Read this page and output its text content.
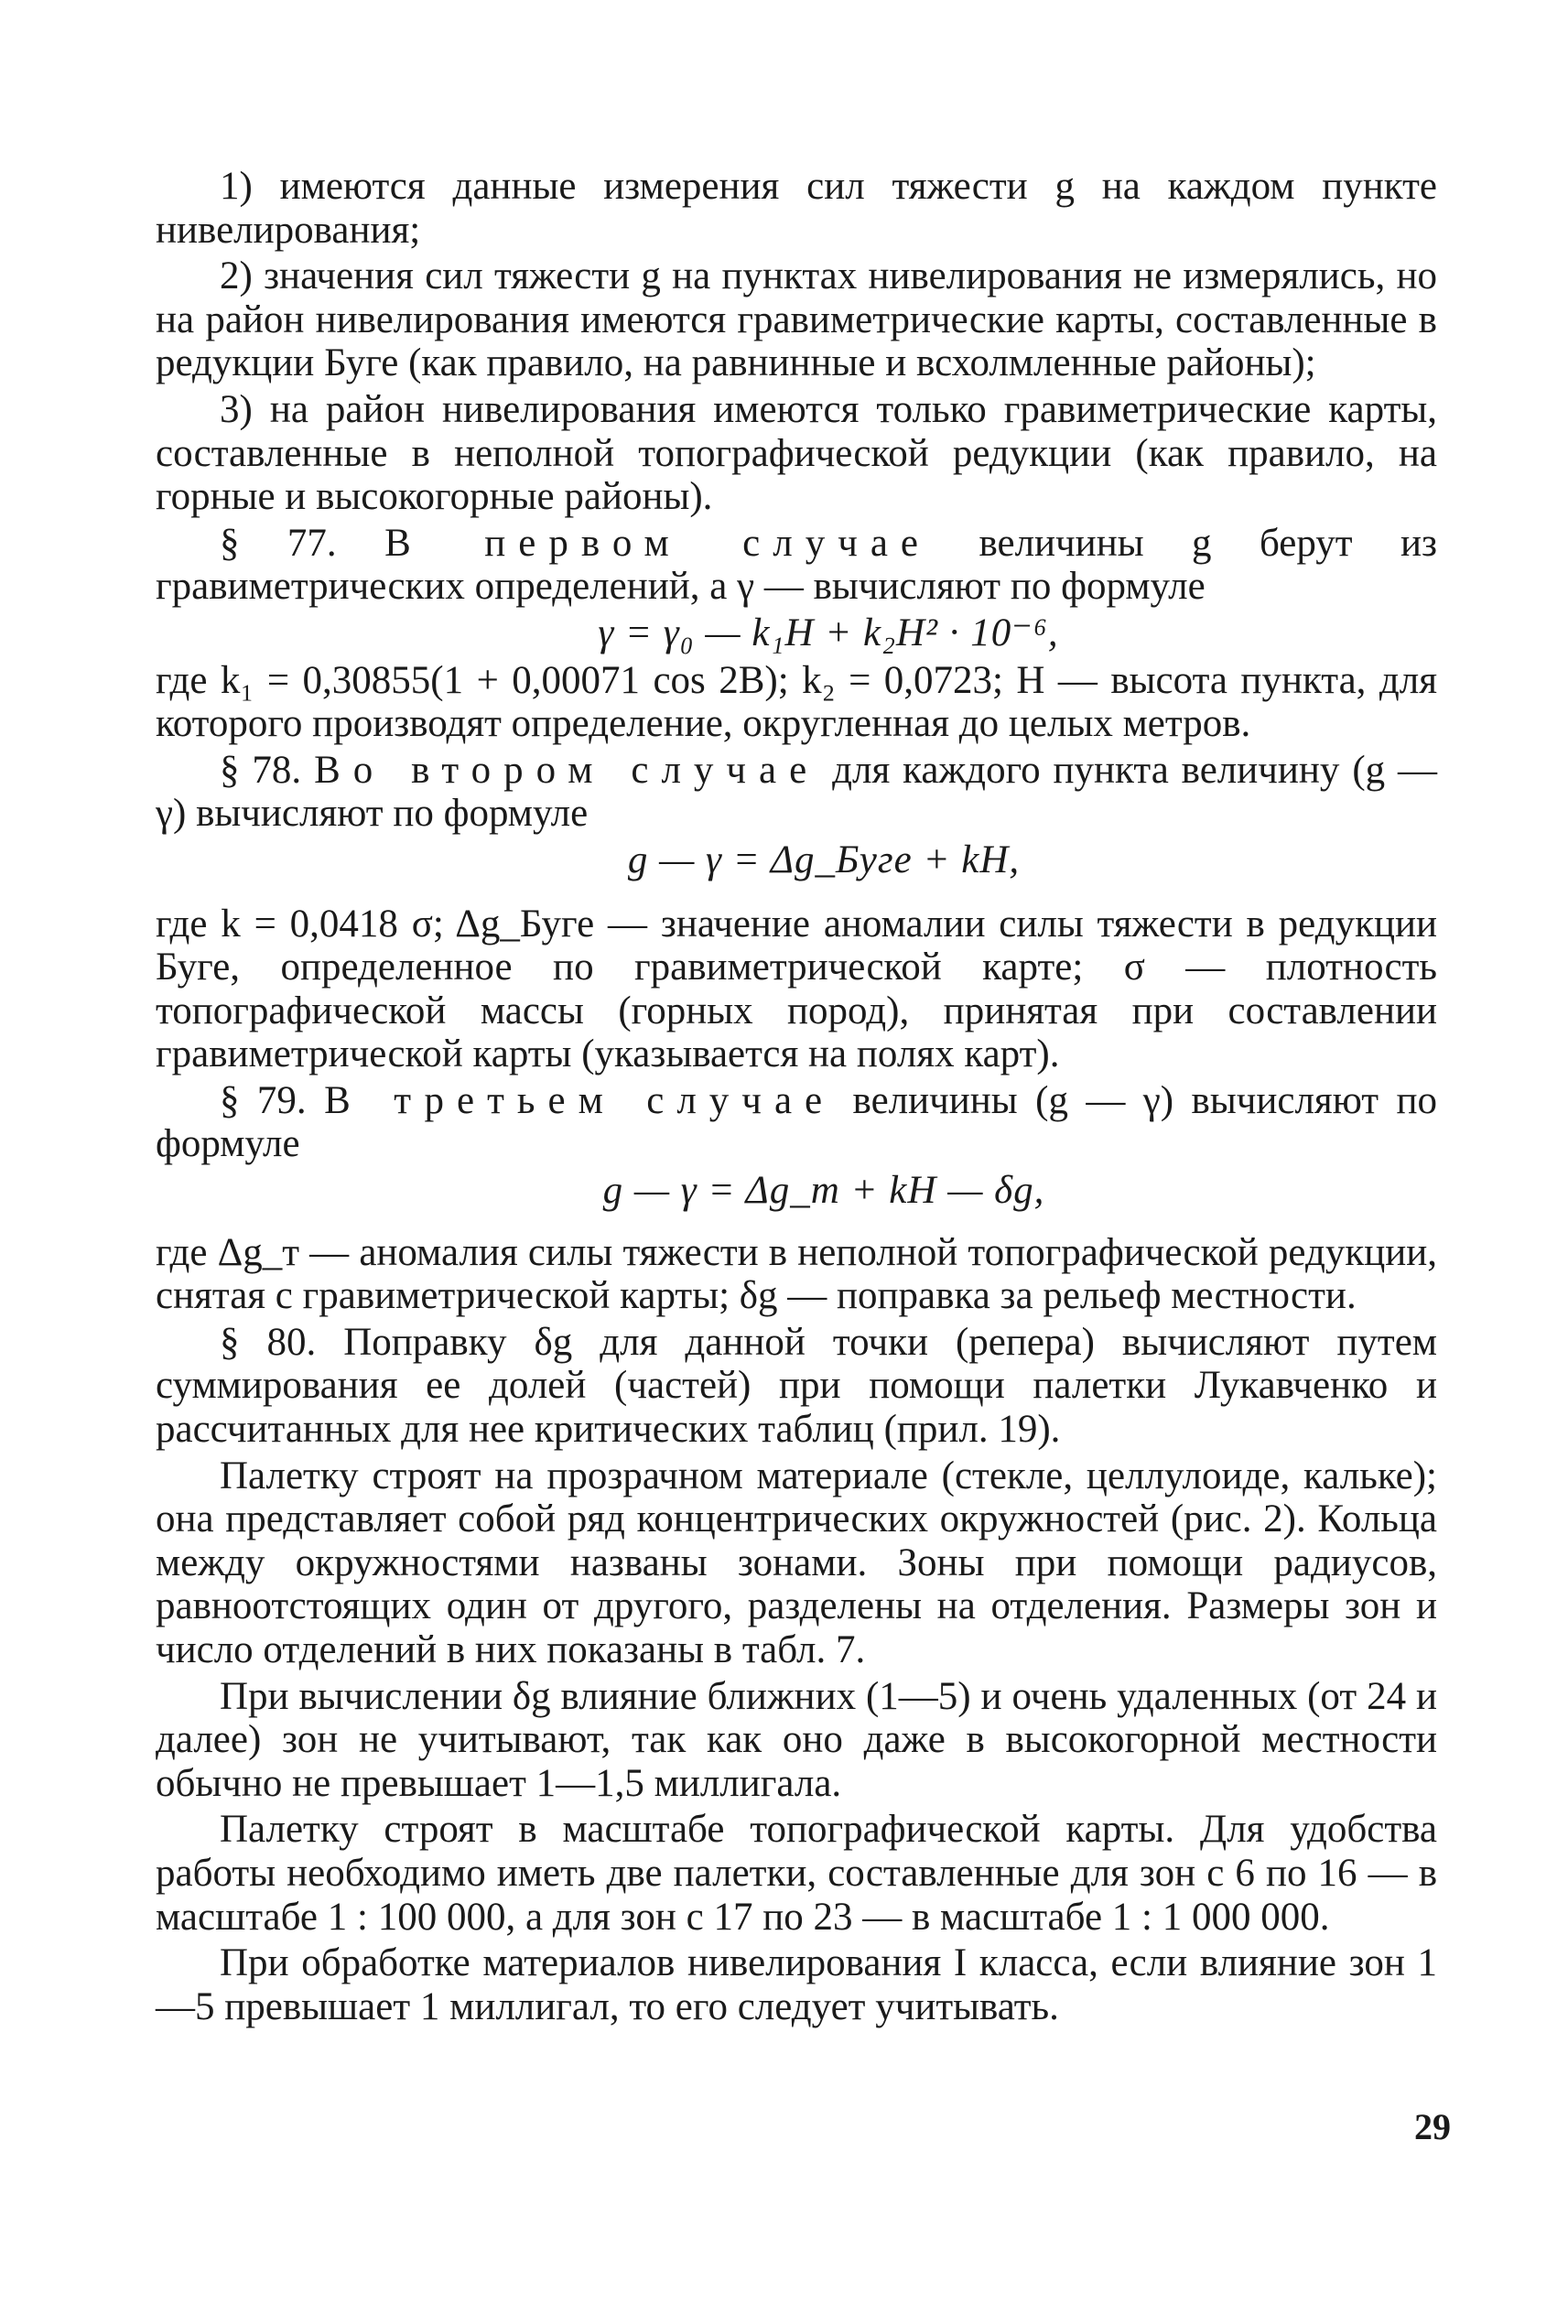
1) имеются данные измерения сил тяжести g на каждом пункте нивелирования;

2) значения сил тяжести g на пунктах нивелирования не измерялись, но на район нивелирования имеются гравиметрические карты, составленные в редукции Буге (как правило, на равнинные и всхолмленные районы);

3) на район нивелирования имеются только гравиметрические карты, составленные в неполной топографической редукции (как правило, на горные и высокогорные районы).

§ 77. В первом случае величины g берут из гравиметрических определений, а γ — вычисляют по формуле

γ = γ₀ — k₁H + k₂H² · 10⁻⁶,

где k₁ = 0,30855(1 + 0,00071 cos 2B); k₂ = 0,0723; H — высота пункта, для которого производят определение, округленная до целых метров.

§ 78. Во втором случае для каждого пункта величину (g — γ) вычисляют по формуле

g — γ = Δg_Буге + kH,

где k = 0,0418 σ; Δg_Буге — значение аномалии силы тяжести в редукции Буге, определенное по гравиметрической карте; σ — плотность топографической массы (горных пород), принятая при составлении гравиметрической карты (указывается на полях карт).

§ 79. В третьем случае величины (g — γ) вычисляют по формуле

g — γ = Δg_т + kH — δg,

где Δg_т — аномалия силы тяжести в неполной топографической редукции, снятая с гравиметрической карты; δg — поправка за рельеф местности.

§ 80. Поправку δg для данной точки (репера) вычисляют путем суммирования ее долей (частей) при помощи палетки Лукавченко и рассчитанных для нее критических таблиц (прил. 19).

Палетку строят на прозрачном материале (стекле, целлулоиде, кальке); она представляет собой ряд концентрических окружностей (рис. 2). Кольца между окружностями названы зонами. Зоны при помощи радиусов, равноотстоящих один от другого, разделены на отделения. Размеры зон и число отделений в них показаны в табл. 7.

При вычислении δg влияние ближних (1—5) и очень удаленных (от 24 и далее) зон не учитывают, так как оно даже в высокогорной местности обычно не превышает 1—1,5 миллигала.

Палетку строят в масштабе топографической карты. Для удобства работы необходимо иметь две палетки, составленные для зон с 6 по 16 — в масштабе 1 : 100 000, а для зон с 17 по 23 — в масштабе 1 : 1 000 000.

При обработке материалов нивелирования I класса, если влияние зон 1—5 превышает 1 миллигал, то его следует учитывать.

29
